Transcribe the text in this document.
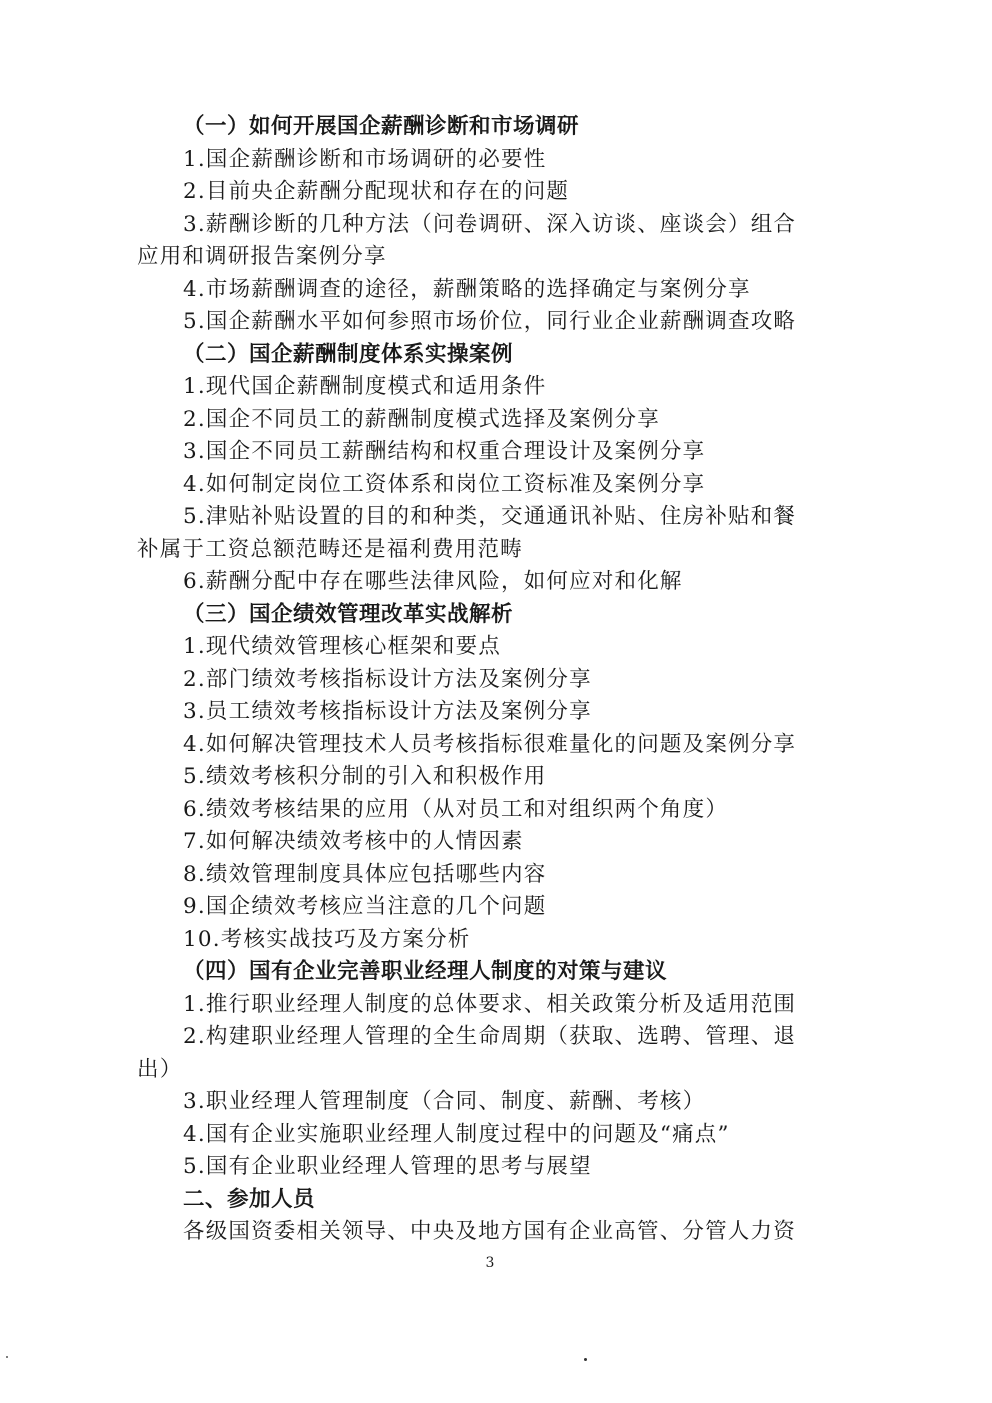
（一）如何开展国企薪酬诊断和市场调研
1.国企薪酬诊断和市场调研的必要性
2.目前央企薪酬分配现状和存在的问题
3.薪酬诊断的几种方法（问卷调研、深入访谈、座谈会）组合
应用和调研报告案例分享
4.市场薪酬调查的途径，薪酬策略的选择确定与案例分享
5.国企薪酬水平如何参照市场价位，同行业企业薪酬调查攻略
（二）国企薪酬制度体系实操案例
1.现代国企薪酬制度模式和适用条件
2.国企不同员工的薪酬制度模式选择及案例分享
3.国企不同员工薪酬结构和权重合理设计及案例分享
4.如何制定岗位工资体系和岗位工资标准及案例分享
5.津贴补贴设置的目的和种类，交通通讯补贴、住房补贴和餐
补属于工资总额范畴还是福利费用范畴
6.薪酬分配中存在哪些法律风险，如何应对和化解
（三）国企绩效管理改革实战解析
1.现代绩效管理核心框架和要点
2.部门绩效考核指标设计方法及案例分享
3.员工绩效考核指标设计方法及案例分享
4.如何解决管理技术人员考核指标很难量化的问题及案例分享
5.绩效考核积分制的引入和积极作用
6.绩效考核结果的应用（从对员工和对组织两个角度）
7.如何解决绩效考核中的人情因素
8.绩效管理制度具体应包括哪些内容
9.国企绩效考核应当注意的几个问题
10.考核实战技巧及方案分析
（四）国有企业完善职业经理人制度的对策与建议
1.推行职业经理人制度的总体要求、相关政策分析及适用范围
2.构建职业经理人管理的全生命周期（获取、选聘、管理、退
出）
3.职业经理人管理制度（合同、制度、薪酬、考核）
4.国有企业实施职业经理人制度过程中的问题及“痛点”
5.国有企业职业经理人管理的思考与展望
二、参加人员
各级国资委相关领导、中央及地方国有企业高管、分管人力资
3
